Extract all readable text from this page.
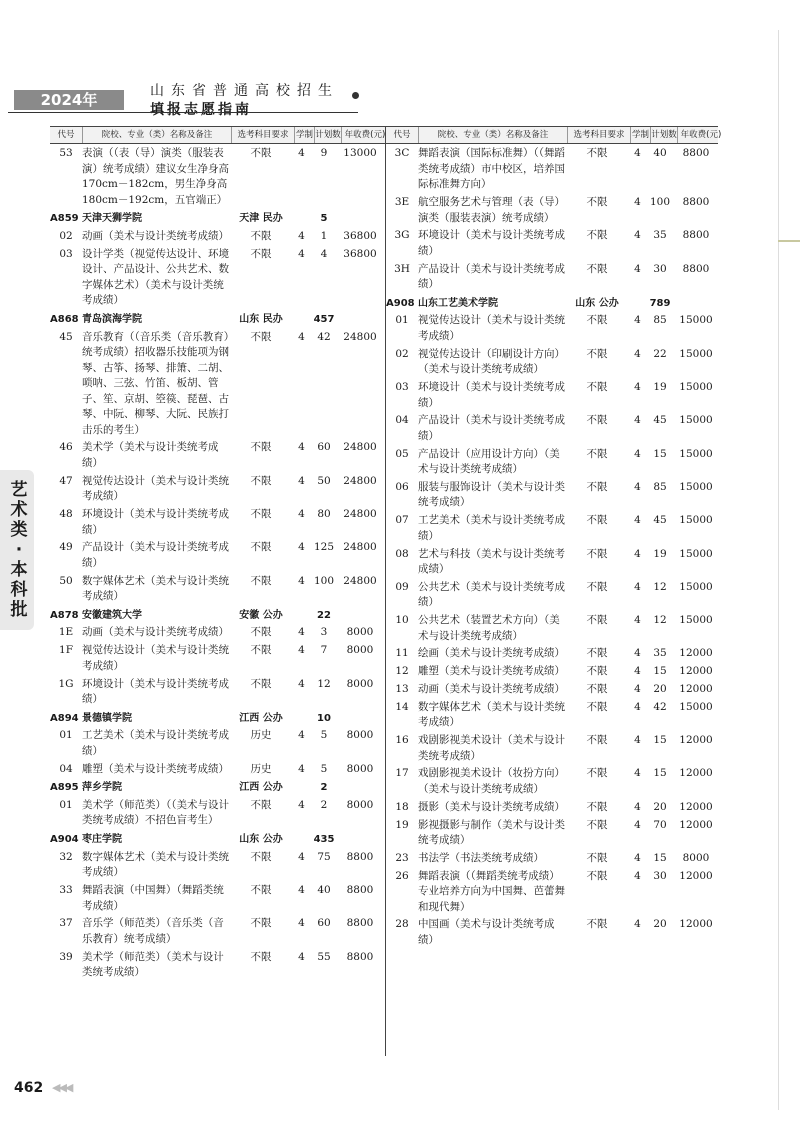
2024年	山东省普通高校招生
填报志愿指南
代号	院校、专业（类）名称及备注	选考科目要求 学制 计划数 年收费(元)
53 表演（（表（导）演类（服装表演）统考成绩）建议女生净身高170cm－182cm，男生净身高180cm－192cm，五官端正）
不限	4	9	13000
A859 天津天狮学院	天津 民办	5
02 动画（美术与设计类统考成绩）	不限	4	1	36800
03 设计学类（视觉传达设计、环境设计、产品设计、公共艺术、数字媒体艺术）（美术与设计类统考成绩）
不限	4	4	36800
A868 青岛滨海学院	山东 民办	457
45 音乐教育（（音乐类（音乐教育）统考成绩）招收器乐技能项为钢琴、古筝、扬琴、排箫、二胡、唢呐、三弦、竹笛、板胡、管子、笙、京胡、箜篌、琵琶、古琴、中阮、柳琴、大阮、民族打击乐的考生）
不限	4	42	24800
46 美术学（美术与设计类统考成绩）
不限	4	60	24800
47 视觉传达设计（美术与设计类统考成绩）
不限	4	50	24800
48 环境设计（美术与设计类统考成绩）
不限	4	80	24800
49 产品设计（美术与设计类统考成绩）
不限	4 125 24800
50 数字媒体艺术（美术与设计类统考成绩）
不限	4 100 24800
A878 安徽建筑大学	安徽 公办	22
1E 动画（美术与设计类统考成绩）	不限	4	3	8000
1F 视觉传达设计（美术与设计类统考成绩）
不限	4	7	8000
1G 环境设计（美术与设计类统考成绩）
不限	4	12	8000
A894 景德镇学院	江西 公办	10
01 工艺美术（美术与设计类统考成绩）
历史	4	5	8000
04 雕塑（美术与设计类统考成绩）	历史	4	5	8000
A895 萍乡学院	江西 公办	2
01 美术学（师范类）（（美术与设计类统考成绩）不招色盲考生）
不限	4	2	8000
A904 枣庄学院	山东 公办	435
32 数字媒体艺术（美术与设计类统考成绩）
不限	4	75	8800
33 舞蹈表演（中国舞）（舞蹈类统考成绩）
不限	4	40	8800
37 音乐学（师范类）（音乐类（音乐教育）统考成绩）
不限	4	60	8800
39 美术学（师范类）（美术与设计类统考成绩）
不限	4	55	8800
代号	院校、专业（类）名称及备注	选考科目要求 学制 计划数 年收费(元)
3C 舞蹈表演（国际标准舞）（（舞蹈类统考成绩）市中校区，培养国际标准舞方向）
不限	4	40	8800
3E 航空服务艺术与管理（表（导）演类（服装表演）统考成绩）
不限	4 100	8800
3G 环境设计（美术与设计类统考成绩）
不限	4	35	8800
3H 产品设计（美术与设计类统考成绩）
不限	4	30	8800
A908 山东工艺美术学院	山东 公办	789
01 视觉传达设计（美术与设计类统考成绩）
不限	4	85	15000
02 视觉传达设计（印刷设计方向）（美术与设计类统考成绩）
不限	4	22	15000
03 环境设计（美术与设计类统考成绩）
不限	4	19	15000
04 产品设计（美术与设计类统考成绩）
不限	4	45	15000
05 产品设计（应用设计方向）（美术与设计类统考成绩）
不限	4	15	15000
06 服装与服饰设计（美术与设计类统考成绩）
不限	4	85	15000
07 工艺美术（美术与设计类统考成绩）
不限	4	45	15000
08 艺术与科技（美术与设计类统考成绩）
不限	4	19	15000
09 公共艺术（美术与设计类统考成绩）
不限	4	12	15000
10 公共艺术（装置艺术方向）（美术与设计类统考成绩）
不限	4	12	15000
11 绘画（美术与设计类统考成绩）	不限	4	35	12000
12 雕塑（美术与设计类统考成绩）	不限	4	15	12000
13 动画（美术与设计类统考成绩）	不限	4	20	12000
14 数字媒体艺术（美术与设计类统考成绩）
不限	4	42	15000
16 戏剧影视美术设计（美术与设计类统考成绩）
不限	4	15	12000
17 戏剧影视美术设计（妆扮方向）（美术与设计类统考成绩）
不限	4	15	12000
18 摄影（美术与设计类统考成绩）	不限	4	20	12000
19 影视摄影与制作（美术与设计类统考成绩）
不限	4	70	12000
23 书法学（书法类统考成绩）	不限	4	15	8000
26 舞蹈表演（（舞蹈类统考成绩）专业培养方向为中国舞、芭蕾舞和现代舞）
不限	4	30	12000
28 中国画（美术与设计类统考成绩）
不限	4	20	12000
艺术类·本科批
462 ◀◀◀
